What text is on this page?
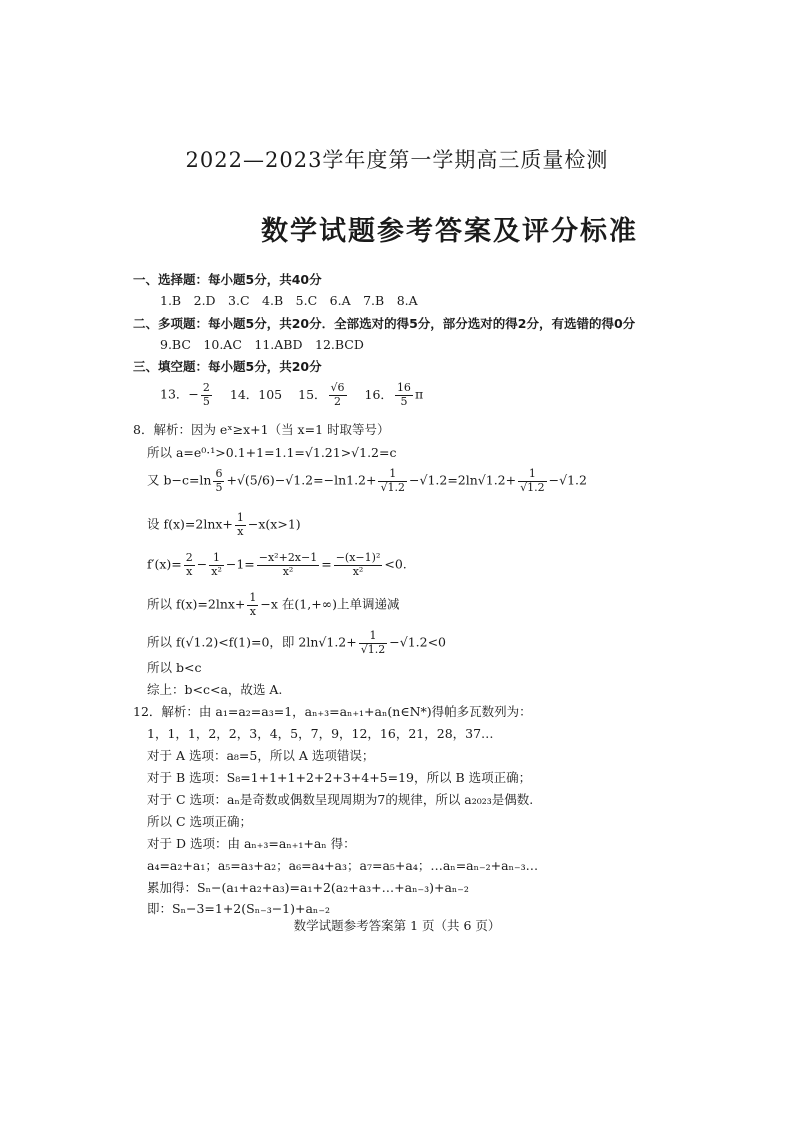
2022—2023学年度第一学期高三质量检测
数学试题参考答案及评分标准
一、选择题：每小题5分，共40分
1.B　2.D　3.C　4.B　5.C　6.A　7.B　8.A
二、多项题：每小题5分，共20分．全部选对的得5分，部分选对的得2分，有选错的得0分
9.BC　10.AC　11.ABD　12.BCD
三、填空题：每小题5分，共20分
13．− $\frac{2}{5} 14$．105 15． $\frac{√6}{2} 16$． $\frac{16}{5}$ π
8．解析：因为 eˣ≥x+1（当 x=1 时取等号）
所以 a=e⁰·¹>0.1+1=1.1=√1.21>√1.2=c
又 $b-c=\ln \frac{6}{5} +√(5/6)-√1.2=-\ln 1.2+ \frac{1}{√1.2} -√1.2=2\ln√1.2+ \frac{1}{√1.2} -√1.2$
设 $f(x)=2\ln x+ \frac{1}{x} -x(x>1)$
$f'(x)= \frac{2}{x} - \frac{1}{\text{x²}} -1= \frac{\text{−x²+2x−1}}{\text{x²}} = \frac{\text{−(x−1)²}}{\text{x²}} <0$.
所以 $f(x)=2\ln x+ \frac{1}{x} -x$ 在(1,+∞)上单调递减
所以 f(√1.2)<f(1)=0，即 $2\ln√1.2+ \frac{1}{√1.2} -√1.2<0$
所以 b<c
综上：b<c<a，故选 A.
12．解析：由 a₁=a₂=a₃=1，aₙ₊₃=aₙ₊₁+aₙ(n∈N*)得帕多瓦数列为：
1，1，1，2，2，3，4，5，7，9，12，16，21，28，37…
对于 A 选项：a₈=5，所以 A 选项错误；
对于 B 选项：S₈=1+1+1+2+2+3+4+5=19，所以 B 选项正确；
对于 C 选项：aₙ是奇数或偶数呈现周期为7的规律，所以 a₂₀₂₃是偶数.
所以 C 选项正确；
对于 D 选项：由 aₙ₊₃=aₙ₊₁+aₙ 得：
a₄=a₂+a₁；a₅=a₃+a₂；a₆=a₄+a₃；a₇=a₅+a₄；…aₙ=aₙ₋₂+aₙ₋₃…
累加得：Sₙ−(a₁+a₂+a₃)=a₁+2(a₂+a₃+…+aₙ₋₃)+aₙ₋₂
即：Sₙ−3=1+2(Sₙ₋₃−1)+aₙ₋₂
数学试题参考答案第 1 页（共 6 页）
